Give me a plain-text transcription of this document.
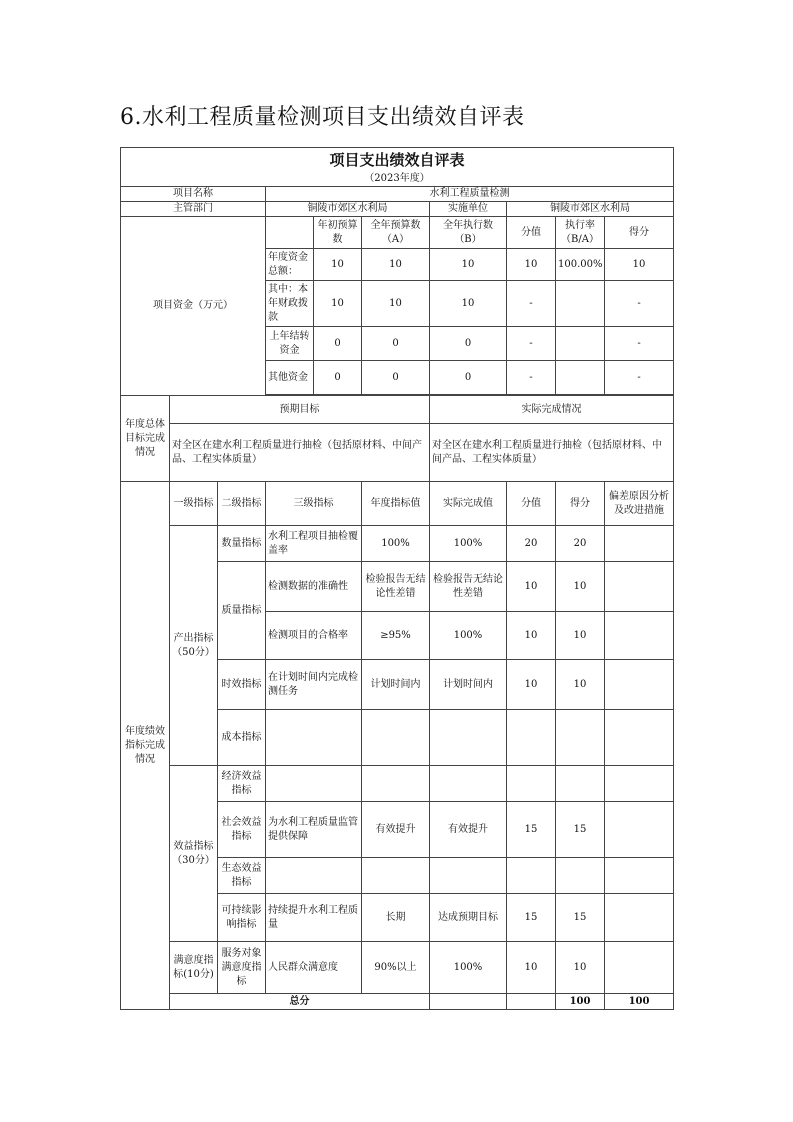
6.水利工程质量检测项目支出绩效自评表
项目支出绩效自评表										
（2023年度）										
项目名称			水利工程质量检测							
主管部门			铜陵市郊区水利局			实施单位	铜陵市郊区水利局			
项目资金（万元）				年初预算数	全年预算数（A）	全年执行数（B）	分值	执行率（B/A）	得分	
			年度资金总额：	10	10	10	10	100.00%	10	
			其中：本年财政拨款	10	10	10	-		-	
			上年结转资金	0	0	0	-		-	
			其他资金	0	0	0	-		-	

年度总体目标完成情况	预期目标					实际完成情况				
	对全区在建水利工程质量进行抽检（包括原材料、中间产品、工程实体质量）					对全区在建水利工程质量进行抽检（包括原材料、中间产品、工程实体质量）				
年度绩效指标完成情况	一级指标	二级指标	三级指标		年度指标值	实际完成值	分值	得分	偏差原因分析及改进措施	
	产出指标（50分）	数量指标	水利工程项目抽检覆盖率		100%	100%	20	20		
		质量指标	检测数据的准确性		检验报告无结论性差错	检验报告无结论性差错	10	10		
			检测项目的合格率		≥95%	100%	10	10		
		时效指标	在计划时间内完成检测任务		计划时间内	计划时间内	10	10		
		成本指标								
	效益指标（30分）	经济效益指标								
		社会效益指标	为水利工程质量监管提供保障		有效提升	有效提升	15	15		
		生态效益指标								
		可持续影响指标	持续提升水利工程质量		长期	达成预期目标	15	15		
	满意度指标(10分)	服务对象满意度指标	人民群众满意度		90%以上	100%	10	10		
	总分							100	100	
